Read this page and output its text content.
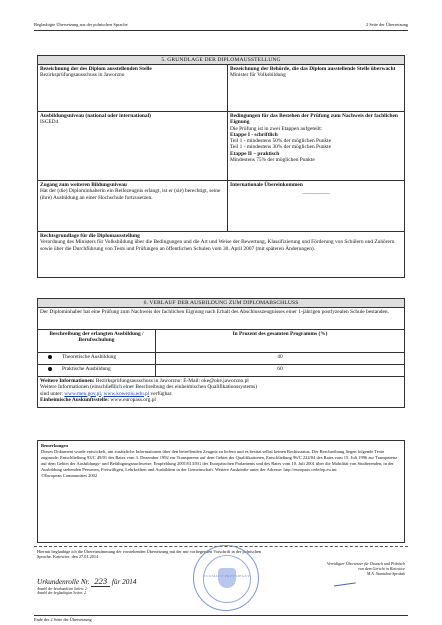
Beglaubigte Übersetzung aus der polnischen Sprache	2 Seite der Übersetzung
5. GRUNDLAGE DER DIPLOMAUSSTELLUNG
Bezeichnung der des Diplom ausstellenden Stelle
Bezirksprüfungsausschuss in Jaworzno
Bezeichnung der Behörde, die das Diplom ausstellende Stelle überwacht
Minister für Volksbildung
Ausbildungsniveau (national oder international)
ISCED4
Bedingungen für das Bestehen der Prüfung zum Nachweis der fachlichen Eignung
Die Prüfung ist in zwei Etappen aufgeteilt:
Etappe I - schriftlich
Teil 1 - mindestens 50% der möglichen Punkte
Teil 1 - mindestens 30% der möglichen Punkte
Etappe II – praktisch
Mindestens 75% der möglichen Punkte
Zugang zum weiteren Bildungsniveau
Hat der (die) Diplominhaberin ein Reifezeugnis erlangt, ist er (sie) berechtigt, seine (ihre) Ausbildung an einer Hochschule fortzusetzen.
Internationale Übereinkommen

—————
Rechtsgrundlage für die Diplomausstellung
Verordnung des Ministers für Volksbildung über die Bedingungen und die Art und Weise der Bewertung, Klassifizierung und Förderung von Schülern und Zuhörern sowie über die Durchführung von Tests und Prüfungen an öffentlichen Schulen vom 30. April 2007 (mit späteren Änderungen).
6. VERLAUF DER AUSBILDUNG ZUM DIPLOMABSCHLUSS
Der Diplominhaber hat eine Prüfung zum Nachweis der fachlichen Eignung nach Erhalt des Abschlusszeugnisses einer 1-jährigen postlyzealen Schule bestanden.
Beschreibung der erlangten Ausbildung / Berufsschulung
In Prozent des gesamten Programms (%)
Theoretische Ausbildung	40
Praktische Ausbildung	60
Weitere Informationen: Bezirksprüfungsausschuss in Jaworzno: E-Mail: oke@oke.jaworzno.pl
Weitere Informationen (einschließlich einer Beschreibung des einheimischen Qualifikationssystems)
sind unter: www.men.gov.pl, www.koweziu.edu.pl verfügbar.
Einheimische Auskunftsstelle: www.europass.org.pl
Bemerkungen
Dieses Dokument wurde entwickelt, um zusätzliche Informationen über den betreffenden Zeugnis zu liefern und es besitzt selbst keinen Rechtsstatus. Der Beschreibung liegen folgende Texte zugrunde: Entschließung 93/C 49/01 des Rates vom 3. Dezember 1992 zur Transparenz auf dem Gebiet der Qualifikationen, Entschließung 96/C 224/04 des Rates vom 15. Juli 1996 zur Transparenz auf dem Gebiet der Ausbildungs- und Befähigungsnachweise; Empfehlung 2001/613/EG des Europäischen Parlaments und des Rates vom 10. Juli 2001 über die Mobilität von Studierenden, in der Ausbildung stehenden Personen, Freiwilligen, Lehrkräften und Ausbildern in der Gemeinschaft. Weitere Auskünfte unter der Adresse: http://europass.cedefop.eu.int
©European Communities 2002
Hiermit beglaubige ich die Übereinstimmung der vorstehenden Übersetzung mit der mir vorliegenden Vorschrift in der polnischen Sprache. Katowice, den 27.01.2014
Urkundenrolle Nr. 223 für 2014
Anzahl der beurkundeten Seiten: 2
Anzahl der beglaubigten Seiten: 2
TŁUMACZ PRZYSIĘGŁY
Vereidigter Übersetzer für Deutsch und Polnisch
von dem Gericht in Katowice
M.A. Stanisław Sprożak
Ende der 2 Seite der Übersetzung
